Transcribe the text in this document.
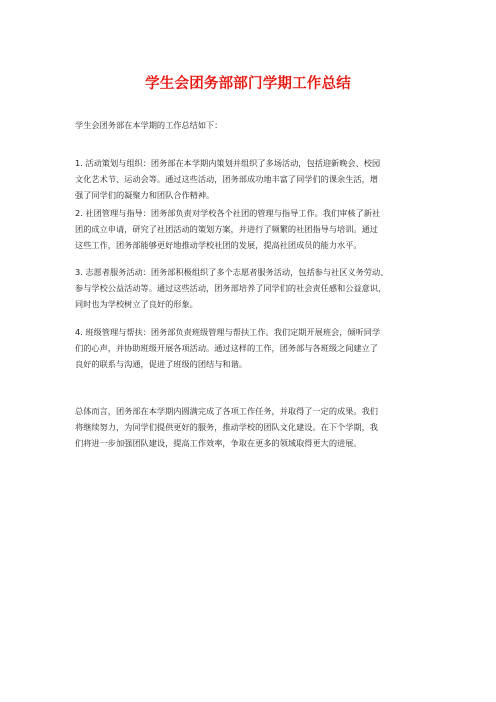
学生会团务部部门学期工作总结
学生会团务部在本学期的工作总结如下：

1. 活动策划与组织：团务部在本学期内策划并组织了多场活动，包括迎新晚会、校园
文化艺术节、运动会等。通过这些活动，团务部成功地丰富了同学们的课余生活，增
强了同学们的凝聚力和团队合作精神。

2. 社团管理与指导：团务部负责对学校各个社团的管理与指导工作。我们审核了新社
团的成立申请，研究了社团活动的策划方案，并进行了频繁的社团指导与培训。通过
这些工作，团务部能够更好地推动学校社团的发展，提高社团成员的能力水平。

3. 志愿者服务活动：团务部积极组织了多个志愿者服务活动，包括参与社区义务劳动、
参与学校公益活动等。通过这些活动，团务部培养了同学们的社会责任感和公益意识，
同时也为学校树立了良好的形象。

4. 班级管理与帮扶：团务部负责班级管理与帮扶工作。我们定期开展班会，倾听同学
们的心声，并协助班级开展各项活动。通过这样的工作，团务部与各班级之间建立了
良好的联系与沟通，促进了班级的团结与和谐。

总体而言，团务部在本学期内圆满完成了各项工作任务，并取得了一定的成果。我们
将继续努力，为同学们提供更好的服务，推动学校的团队文化建设。在下个学期，我
们将进一步加强团队建设，提高工作效率，争取在更多的领域取得更大的进展。
